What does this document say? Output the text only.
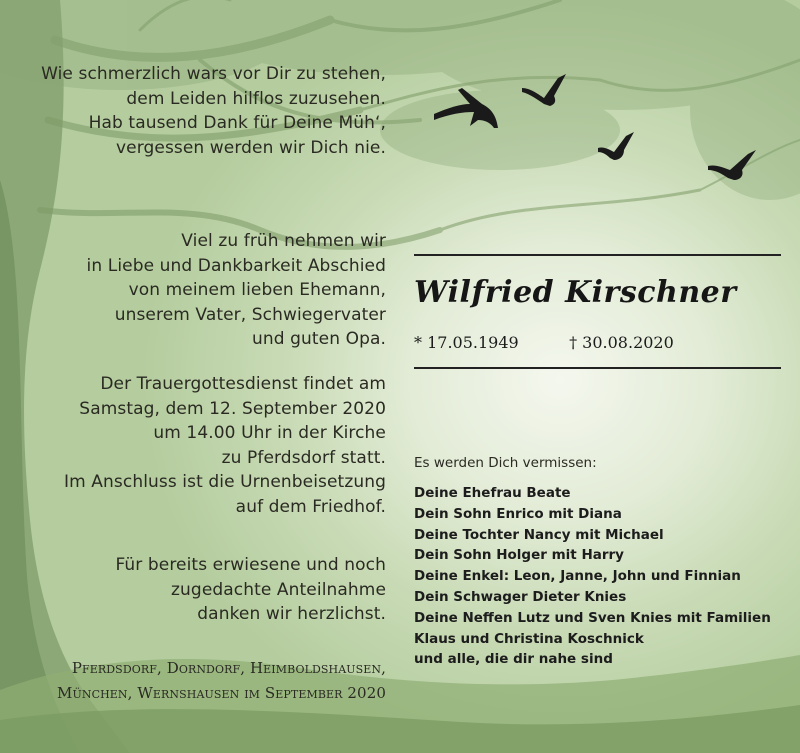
Wie schmerzlich wars vor Dir zu stehen,

dem Leiden hilflos zuzusehen.

Hab tausend Dank für Deine Müh‘,

vergessen werden wir Dich nie.

Viel zu früh nehmen wir

in Liebe und Dankbarkeit Abschied

von meinem lieben Ehemann,

unserem Vater, Schwiegervater

und guten Opa.

Der Trauergottesdienst findet am

Samstag, dem 12. September 2020

um 14.00 Uhr in der Kirche

zu Pferdsdorf statt.

Im Anschluss ist die Urnenbeisetzung

auf dem Friedhof.

Für bereits erwiesene und noch

zugedachte Anteilnahme

danken wir herzlichst.

Pferdsdorf, Dorndorf, Heimboldshausen,

München, Wernshausen im September 2020

Wilfried Kirschner
* 17.05.1949	† 30.08.2020
Es werden Dich vermissen:
Deine Ehefrau Beate
Dein Sohn Enrico mit Diana
Deine Tochter Nancy mit Michael
Dein Sohn Holger mit Harry
Deine Enkel: Leon, Janne, John und Finnian
Dein Schwager Dieter Knies
Deine Neffen Lutz und Sven Knies mit Familien
Klaus und Christina Koschnick
und alle, die dir nahe sind
